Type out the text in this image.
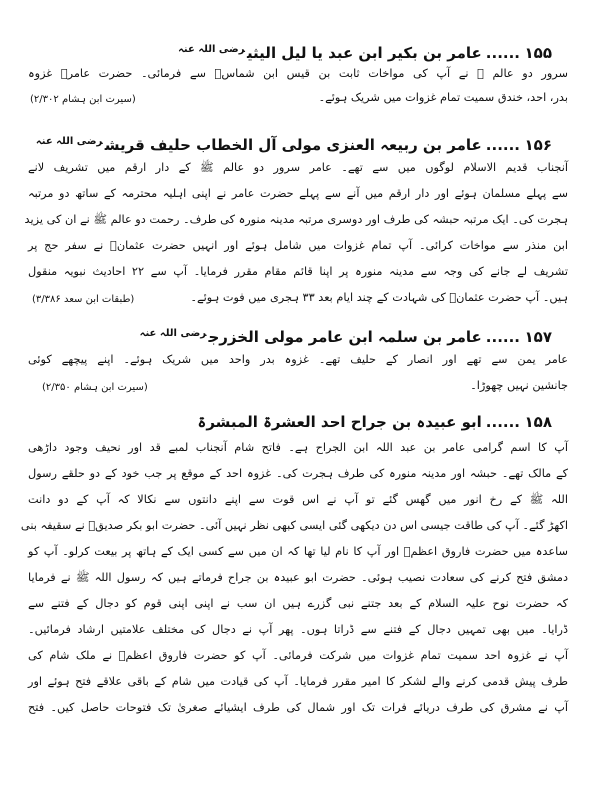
۱۵۵......عامر بن بکیر ابن عبد یا لیل الیثی$^{رضی اللہ عنہ}$
سرور دو عالم ﷺ نے آپ کی مواخات ثابت بن قیس ابن شماسؓ سے فرمائی۔ حضرت عامرؓ غزوہ
بدر، احد، خندق سمیت تمام غزوات میں شریک ہوئے۔
(سیرت ابن ہشام ۲/۳۰۲)
۱۵۶......عامر بن ربیعہ العنزی مولی آل الخطاب حلیف قریش$^{رضی اللہ عنہ}$
آنجناب قدیم الاسلام لوگوں میں سے تھے۔ عامر سرور دو عالم ﷺ کے دار ارقم میں تشریف لانے
سے پہلے مسلمان ہوئے اور دار ارقم میں آنے سے پہلے حضرت عامر نے اپنی اہلیہ محترمہ کے ساتھ دو مرتبہ
ہجرت کی۔ ایک مرتبہ حبشہ کی طرف اور دوسری مرتبہ مدینہ منورہ کی طرف۔ رحمت دو عالم ﷺ نے ان کی یزید
ابن منذر سے مواخات کرائی۔ آپ تمام غزوات میں شامل ہوئے اور انہیں حضرت عثمانؓ نے سفر حج پر
تشریف لے جانے کی وجہ سے مدینہ منورہ پر اپنا قائم مقام مقرر فرمایا۔ آپ سے ۲۲ احادیث نبویہ منقول
ہیں۔ آپ حضرت عثمانؓ کی شہادت کے چند ایام بعد ۳۳ ہجری میں فوت ہوئے۔
(طبقات ابن سعد ۳/۳۸۶)
۱۵۷......عامر بن سلمہ ابن عامر مولی الخزرج$^{رضی اللہ عنہ}$
عامر یمن سے تھے اور انصار کے حلیف تھے۔ غزوہ بدر واحد میں شریک ہوئے۔ اپنے پیچھے کوئی
جانشین نہیں چھوڑا۔
(سیرت ابن ہشام ۲/۳۵۰)
۱۵۸......ابو عبیدہ بن جراح احد العشرۃ المبشرۃ
آپ کا اسم گرامی عامر بن عبد اللہ ابن الجراح ہے۔ فاتح شام آنجناب لمبے قد اور نحیف وجود داڑھی
کے مالک تھے۔ حبشہ اور مدینہ منورہ کی طرف ہجرت کی۔ غزوہ احد کے موقع پر جب خود کے دو حلقے رسول
اللہ ﷺ کے رخ انور میں گھس گئے تو آپ نے اس قوت سے اپنے دانتوں سے نکالا کہ آپ کے دو دانت
اکھڑ گئے۔ آپ کی طاقت جیسی اس دن دیکھی گئی ایسی کبھی نظر نہیں آئی۔ حضرت ابو بکر صدیقؓ نے سقیفہ بنی
ساعدہ میں حضرت فاروق اعظمؓ اور آپ کا نام لیا تھا کہ ان میں سے کسی ایک کے ہاتھ پر بیعت کرلو۔ آپ کو
دمشق فتح کرنے کی سعادت نصیب ہوئی۔ حضرت ابو عبیدہ بن جراح فرماتے ہیں کہ رسول اللہ ﷺ نے فرمایا
کہ حضرت نوح علیہ السلام کے بعد جتنے نبی گزرے ہیں ان سب نے اپنی اپنی قوم کو دجال کے فتنے سے
ڈرایا۔ میں بھی تمہیں دجال کے فتنے سے ڈراتا ہوں۔ پھر آپ نے دجال کی مختلف علامتیں ارشاد فرمائیں۔
آپ نے غزوہ احد سمیت تمام غزوات میں شرکت فرمائی۔ آپ کو حضرت فاروق اعظمؓ نے ملک شام کی
طرف پیش قدمی کرنے والے لشکر کا امیر مقرر فرمایا۔ آپ کی قیادت میں شام کے باقی علاقے فتح ہوئے اور
آپ نے مشرق کی طرف دریائے فرات تک اور شمال کی طرف ایشیائے صغریٰ تک فتوحات حاصل کیں۔ فتح
